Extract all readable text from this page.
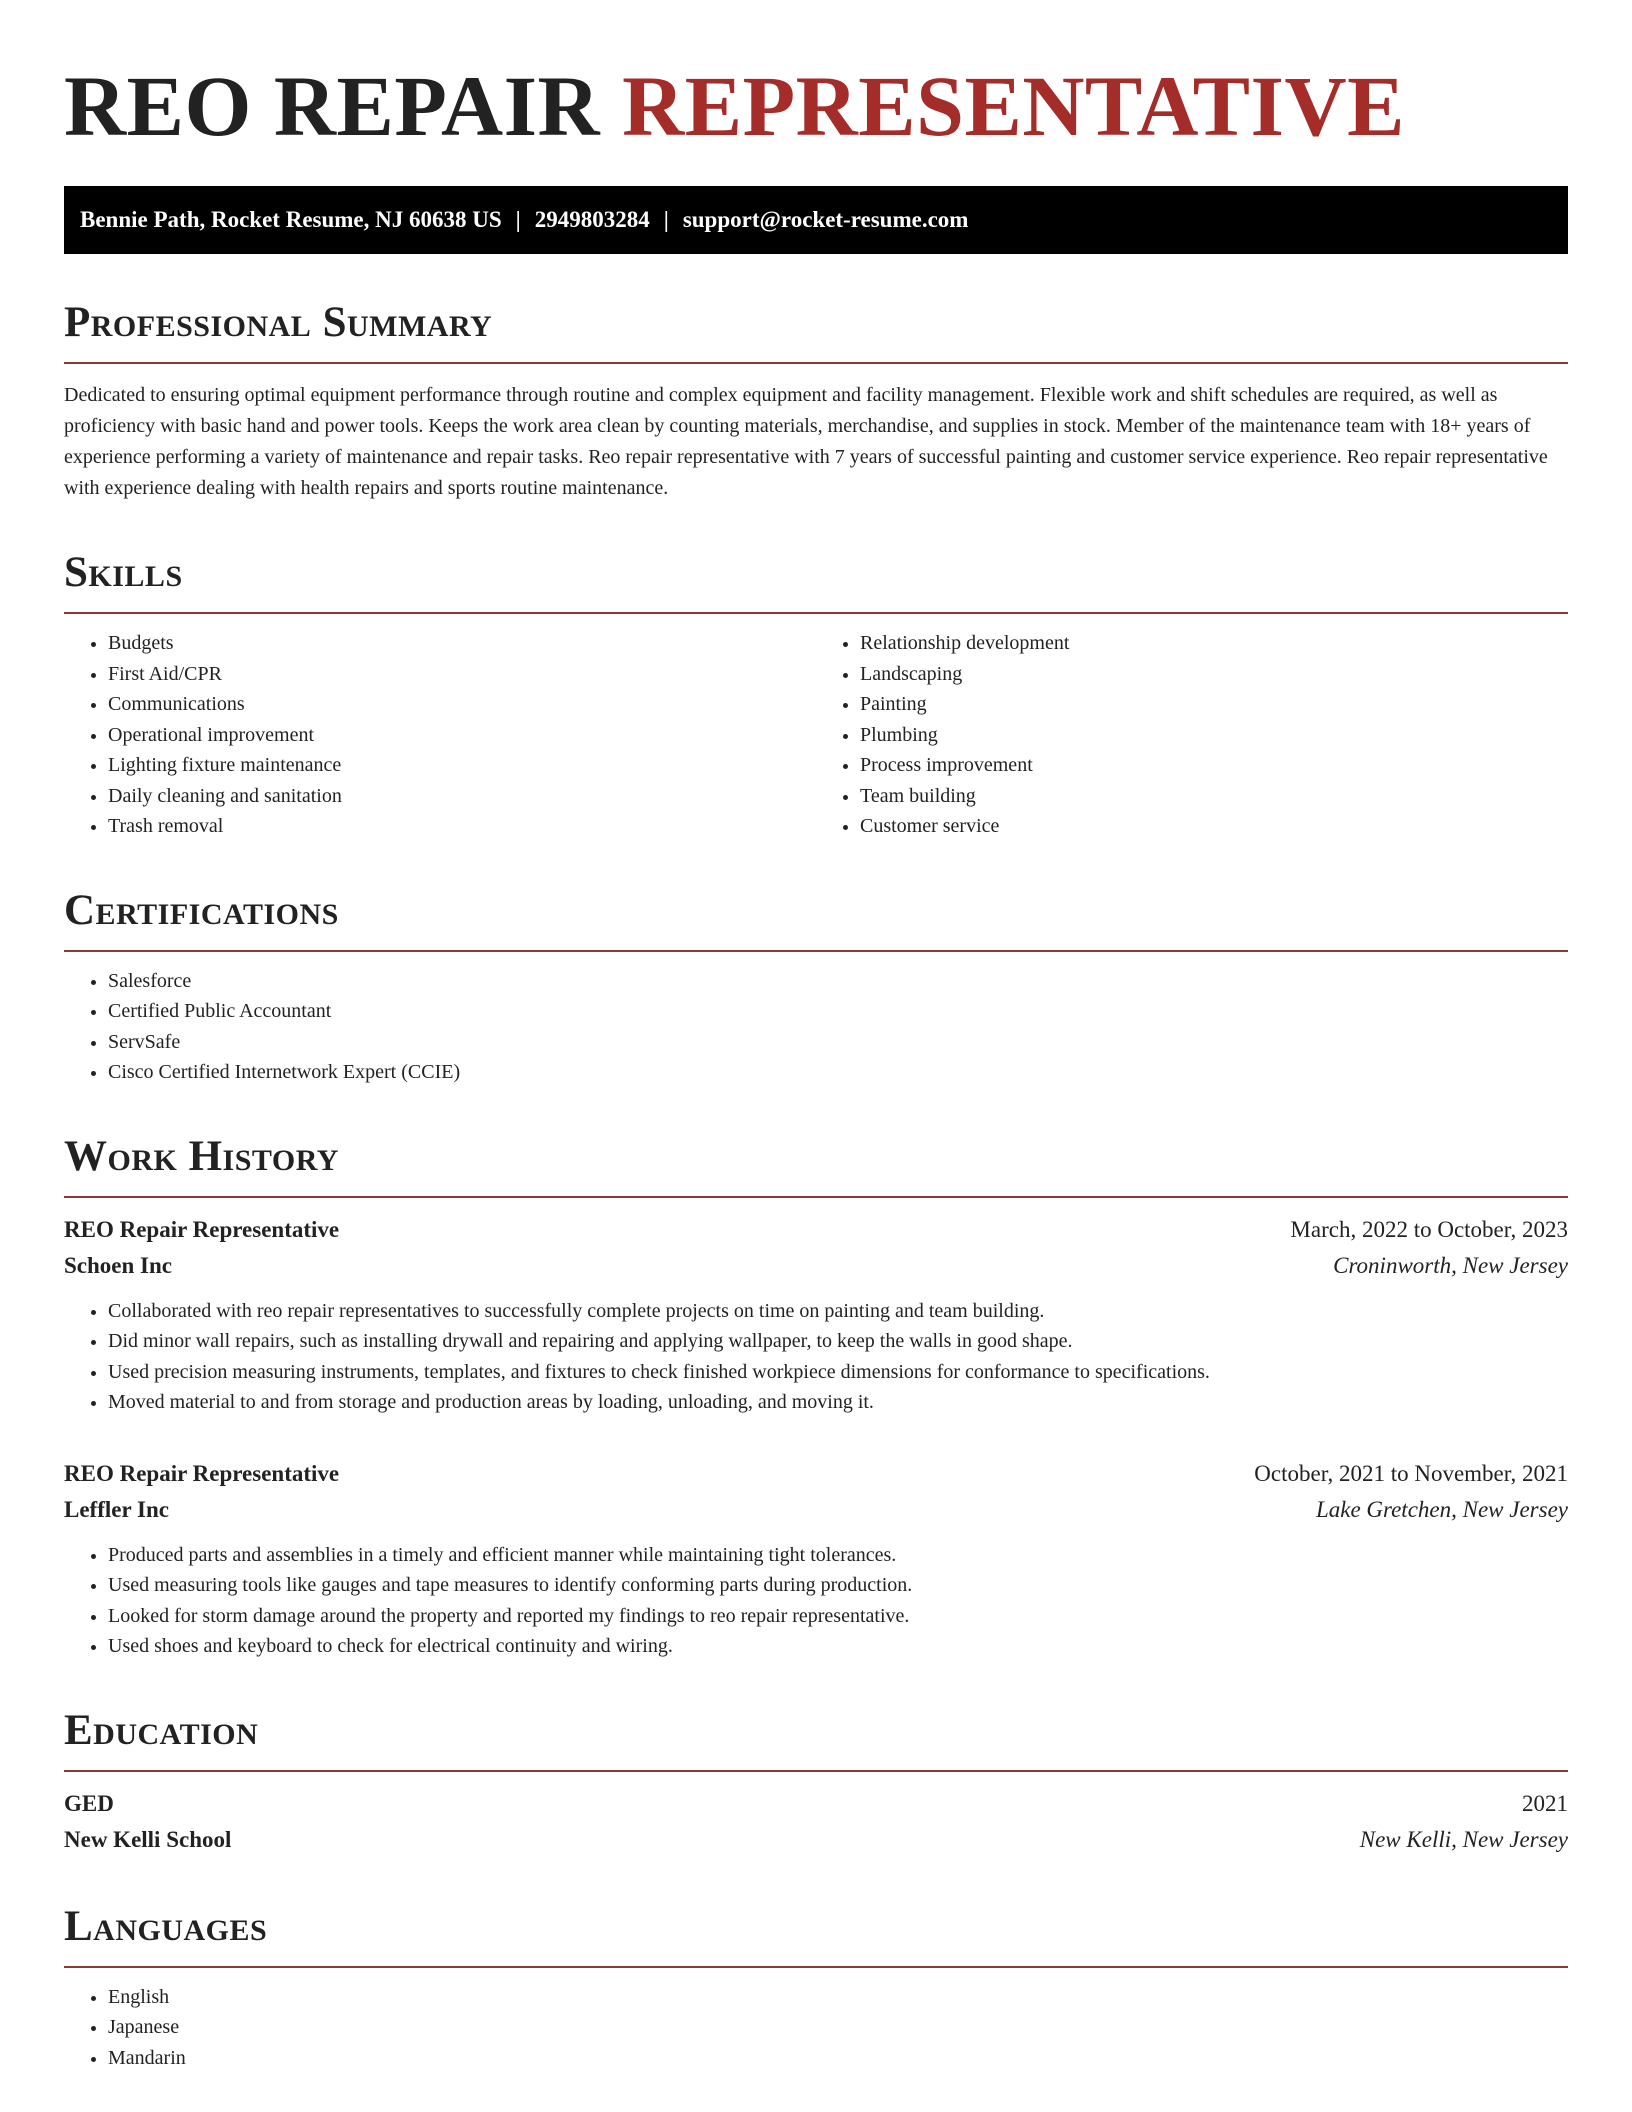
REO REPAIR REPRESENTATIVE
Bennie Path, Rocket Resume, NJ 60638 US | 2949803284 | support@rocket-resume.com
Professional Summary

Dedicated to ensuring optimal equipment performance through routine and complex equipment and facility management. Flexible work and shift schedules are required, as well as proficiency with basic hand and power tools. Keeps the work area clean by counting materials, merchandise, and supplies in stock. Member of the maintenance team with 18+ years of experience performing a variety of maintenance and repair tasks. Reo repair representative with 7 years of successful painting and customer service experience. Reo repair representative with experience dealing with health repairs and sports routine maintenance.

Skills
• Budgets
• First Aid/CPR
• Communications
• Operational improvement
• Lighting fixture maintenance
• Daily cleaning and sanitation
• Trash removal
• Relationship development
• Landscaping
• Painting
• Plumbing
• Process improvement
• Team building
• Customer service
Certifications
• Salesforce
• Certified Public Accountant
• ServSafe
• Cisco Certified Internetwork Expert (CCIE)
Work History
REO Repair Representative	March, 2022 to October, 2023
Schoen Inc	Croninworth, New Jersey
• Collaborated with reo repair representatives to successfully complete projects on time on painting and team building.
• Did minor wall repairs, such as installing drywall and repairing and applying wallpaper, to keep the walls in good shape.
• Used precision measuring instruments, templates, and fixtures to check finished workpiece dimensions for conformance to specifications.
• Moved material to and from storage and production areas by loading, unloading, and moving it.
REO Repair Representative	October, 2021 to November, 2021
Leffler Inc	Lake Gretchen, New Jersey
• Produced parts and assemblies in a timely and efficient manner while maintaining tight tolerances.
• Used measuring tools like gauges and tape measures to identify conforming parts during production.
• Looked for storm damage around the property and reported my findings to reo repair representative.
• Used shoes and keyboard to check for electrical continuity and wiring.
Education
GED	2021
New Kelli School	New Kelli, New Jersey
Languages
• English
• Japanese
• Mandarin
